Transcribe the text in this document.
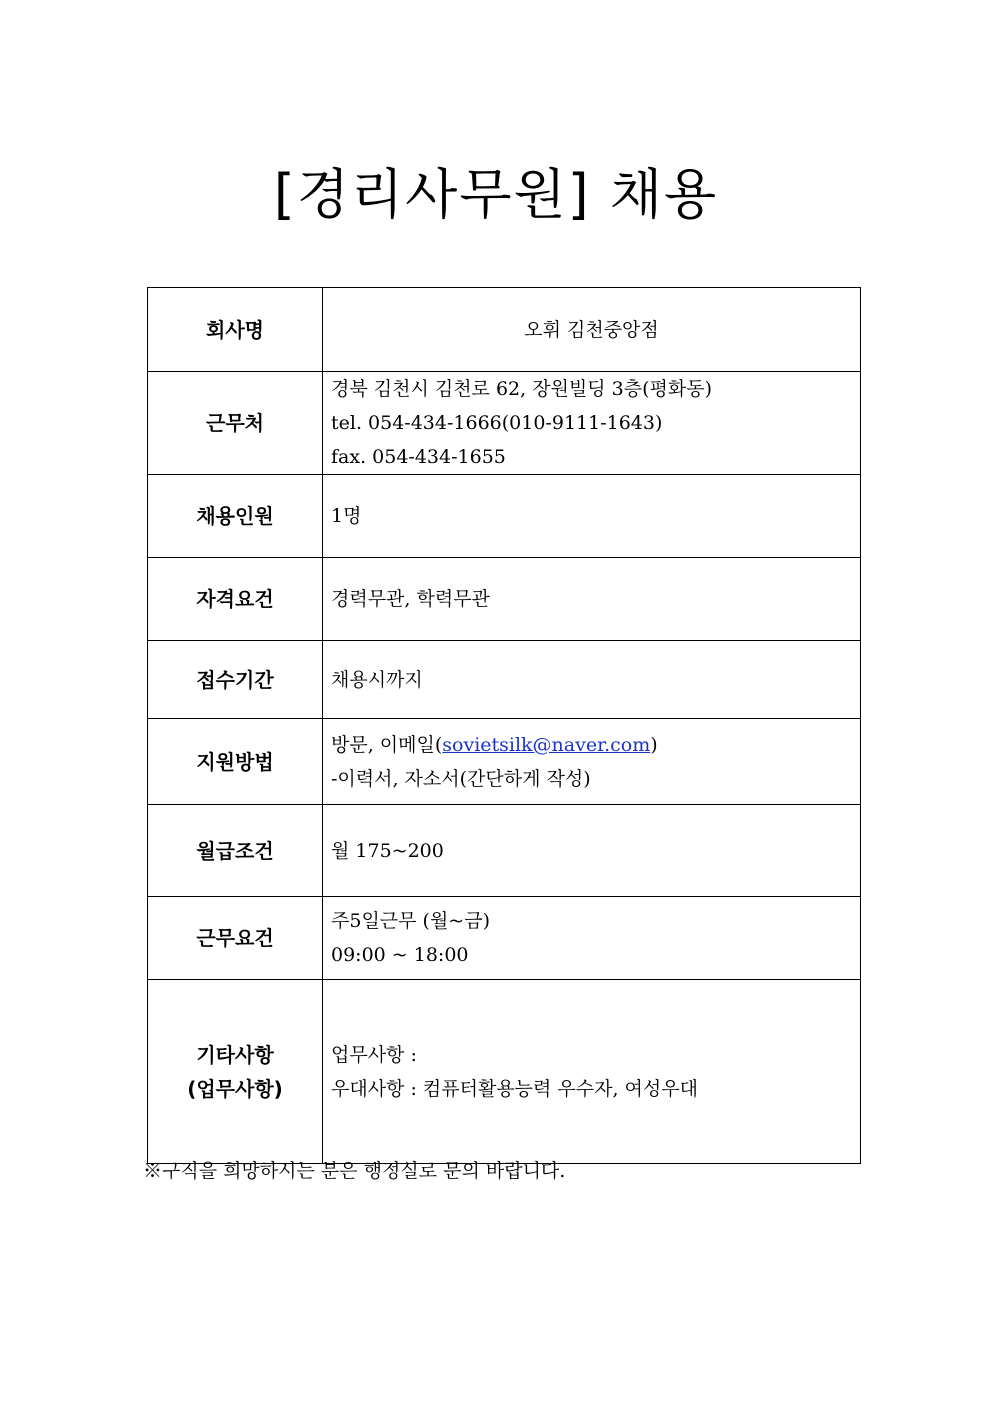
[경리사무원] 채용
회사명	오휘 김천중앙점
근무처	경북 김천시 김천로 62, 장원빌딩 3층(평화동)
tel. 054-434-1666(010-9111-1643)
fax. 054-434-1655

채용인원	1명
자격요건	경력무관, 학력무관
접수기간	채용시까지
지원방법	방문, 이메일(sovietsilk@naver.com)
-이력서, 자소서(간단하게 작성)

월급조건	월 175~200
근무요건	주5일근무 (월~금)
09:00 ~ 18:00

기타사항
(업무사항)	업무사항 :
우대사항 : 컴퓨터활용능력 우수자, 여성우대
※구직을 희망하시는 분은 행정실로 문의 바랍니다.
